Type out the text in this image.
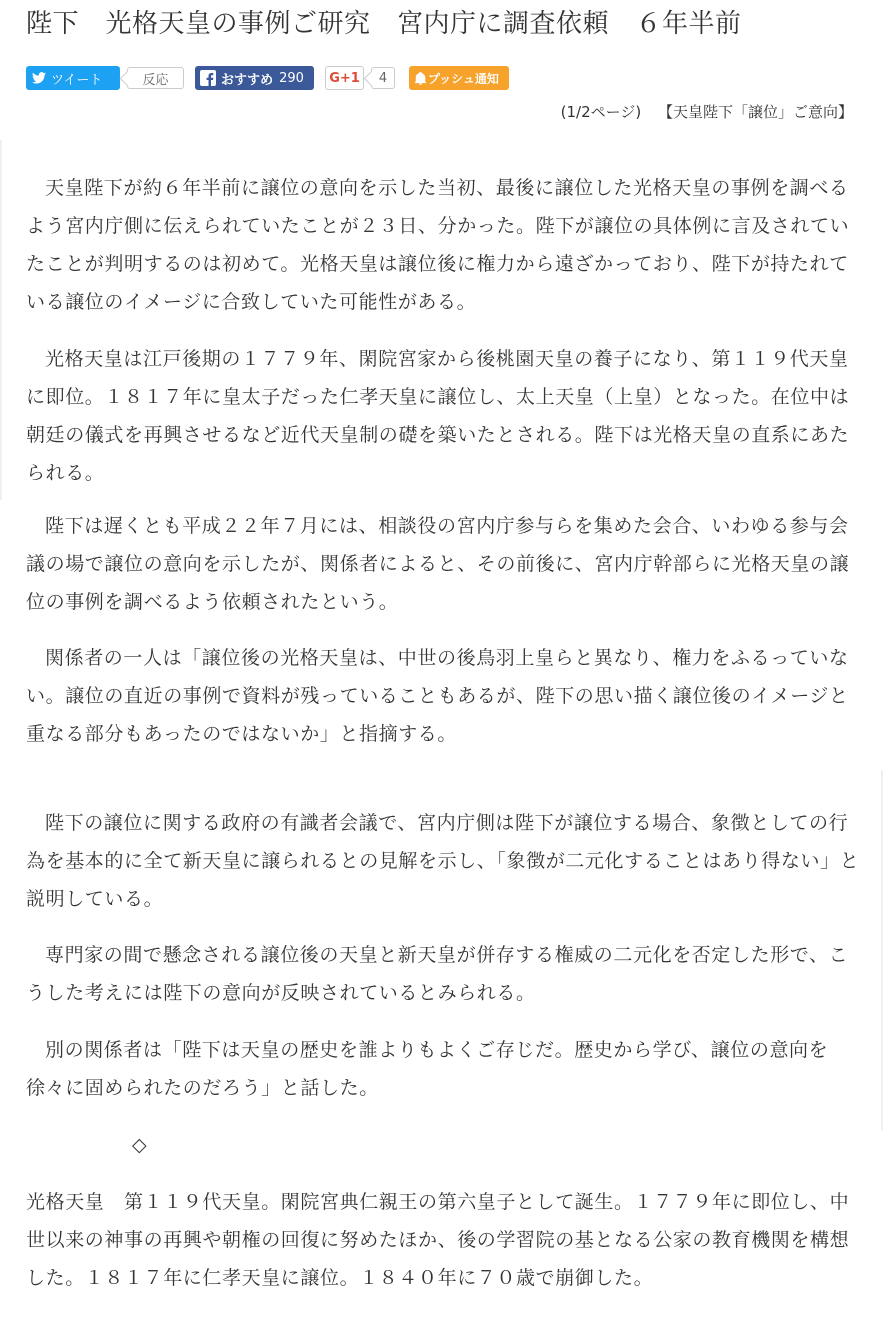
陛下　光格天皇の事例ご研究　宮内庁に調査依頼　６年半前
ツイート	反応	おすすめ 290 G+1 4	プッシュ通知
(1/2ページ) 【天皇陛下「譲位」ご意向】

天皇陛下が約６年半前に譲位の意向を示した当初、最後に譲位した光格天皇の事例を調べるよう宮内庁側に伝えられていたことが２３日、分かった。陛下が譲位の具体例に言及されていたことが判明するのは初めて。光格天皇は譲位後に権力から遠ざかっており、陛下が持たれている譲位のイメージに合致していた可能性がある。

光格天皇は江戸後期の１７７９年、閑院宮家から後桃園天皇の養子になり、第１１９代天皇に即位。１８１７年に皇太子だった仁孝天皇に譲位し、太上天皇（上皇）となった。在位中は朝廷の儀式を再興させるなど近代天皇制の礎を築いたとされる。陛下は光格天皇の直系にあたられる。

陛下は遅くとも平成２２年７月には、相談役の宮内庁参与らを集めた会合、いわゆる参与会議の場で譲位の意向を示したが、関係者によると、その前後に、宮内庁幹部らに光格天皇の譲位の事例を調べるよう依頼されたという。

関係者の一人は「譲位後の光格天皇は、中世の後鳥羽上皇らと異なり、権力をふるっていない。譲位の直近の事例で資料が残っていることもあるが、陛下の思い描く譲位後のイメージと重なる部分もあったのではないか」と指摘する。

陛下の譲位に関する政府の有識者会議で、宮内庁側は陛下が譲位する場合、象徴としての行為を基本的に全て新天皇に譲られるとの見解を示し、「象徴が二元化することはあり得ない」と説明している。

専門家の間で懸念される譲位後の天皇と新天皇が併存する権威の二元化を否定した形で、こうした考えには陛下の意向が反映されているとみられる。

別の関係者は「陛下は天皇の歴史を誰よりもよくご存じだ。歴史から学び、譲位の意向を徐々に固められたのだろう」と話した。

◇

光格天皇　第１１９代天皇。閑院宮典仁親王の第六皇子として誕生。１７７９年に即位し、中世以来の神事の再興や朝権の回復に努めたほか、後の学習院の基となる公家の教育機関を構想した。１８１７年に仁孝天皇に譲位。１８４０年に７０歳で崩御した。
